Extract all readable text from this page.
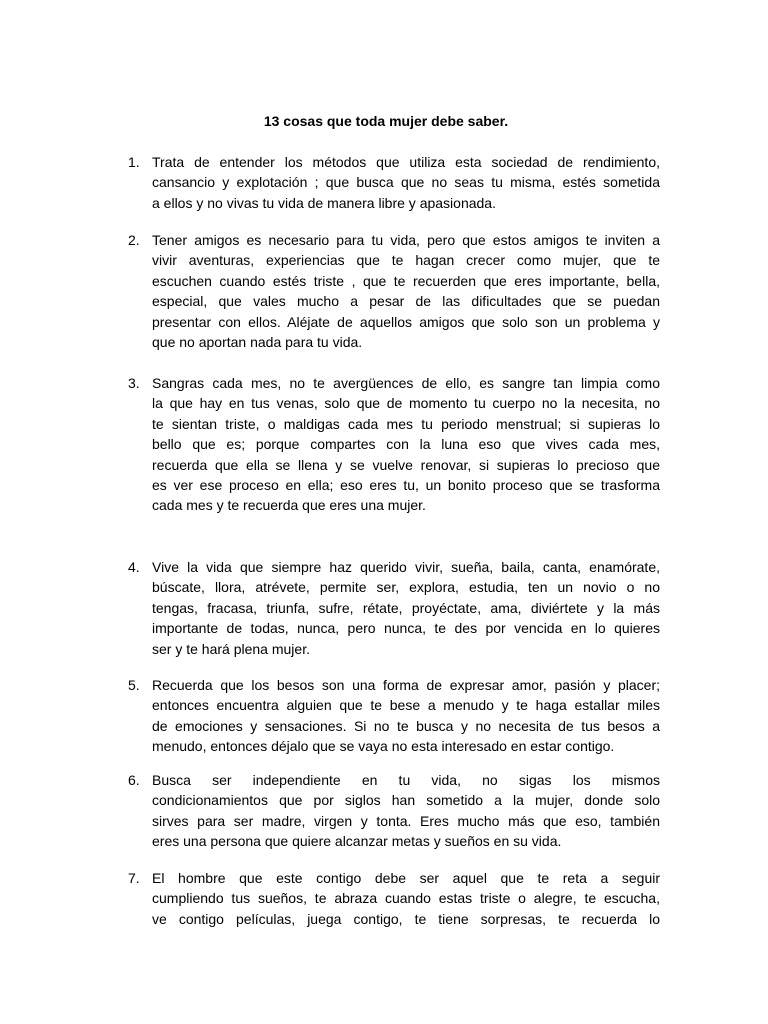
13 cosas que toda mujer debe saber.
1. Trata de entender los métodos que utiliza esta sociedad de rendimiento,
cansancio y explotación ; que busca que no seas tu misma, estés sometida
a ellos y no vivas tu vida de manera libre y apasionada.
2. Tener amigos es necesario para tu vida, pero que estos amigos te inviten a
vivir aventuras, experiencias que te hagan crecer como mujer, que te
escuchen cuando estés triste , que te recuerden que eres importante, bella,
especial, que vales mucho a pesar de las dificultades que se puedan
presentar con ellos. Aléjate de aquellos amigos que solo son un problema y
que no aportan nada para tu vida.
3. Sangras cada mes, no te avergüences de ello, es sangre tan limpia como
la que hay en tus venas, solo que de momento tu cuerpo no la necesita, no
te sientan triste, o maldigas cada mes tu periodo menstrual; si supieras lo
bello que es; porque compartes con la luna eso que vives cada mes,
recuerda que ella se llena y se vuelve renovar, si supieras lo precioso que
es ver ese proceso en ella; eso eres tu, un bonito proceso que se trasforma
cada mes y te recuerda que eres una mujer.
4. Vive la vida que siempre haz querido vivir, sueña, baila, canta, enamórate,
búscate, llora, atrévete, permite ser, explora, estudia, ten un novio o no
tengas, fracasa, triunfa, sufre, rétate, proyéctate, ama, diviértete y la más
importante de todas, nunca, pero nunca, te des por vencida en lo quieres
ser y te hará plena mujer.
5. Recuerda que los besos son una forma de expresar amor, pasión y placer;
entonces encuentra alguien que te bese a menudo y te haga estallar miles
de emociones y sensaciones. Si no te busca y no necesita de tus besos a
menudo, entonces déjalo que se vaya no esta interesado en estar contigo.
6. Busca ser independiente en tu vida, no sigas los mismos
condicionamientos que por siglos han sometido a la mujer, donde solo
sirves para ser madre, virgen y tonta. Eres mucho más que eso, también
eres una persona que quiere alcanzar metas y sueños en su vida.
7. El hombre que este contigo debe ser aquel que te reta a seguir
cumpliendo tus sueños, te abraza cuando estas triste o alegre, te escucha,
ve contigo películas, juega contigo, te tiene sorpresas, te recuerda lo
